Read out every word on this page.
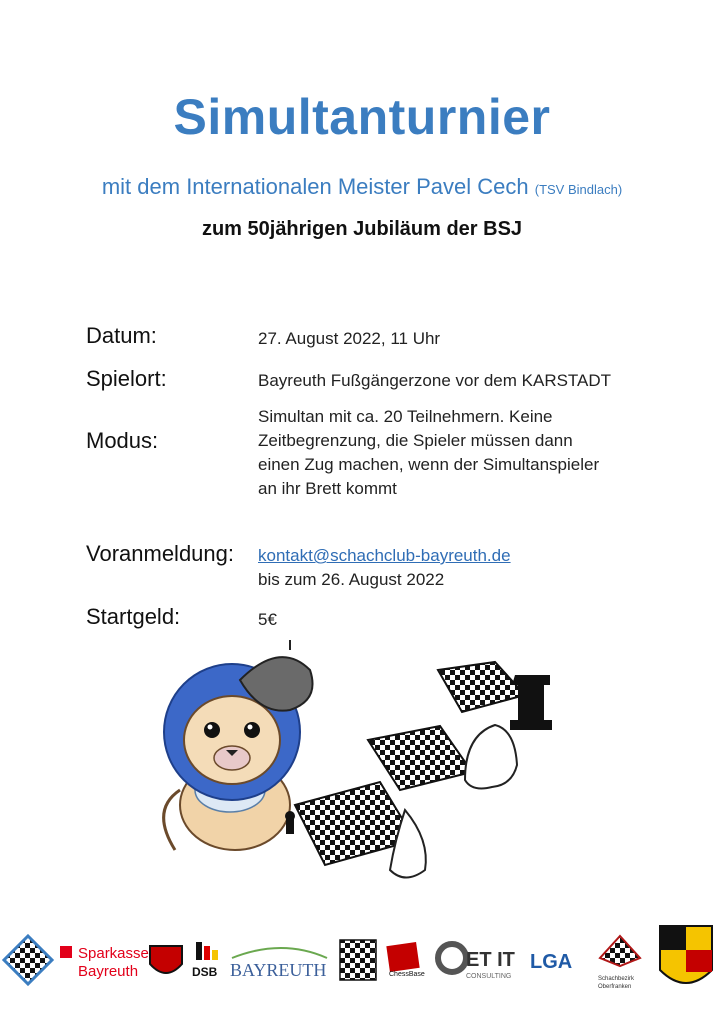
Simultanturnier
mit dem Internationalen Meister Pavel Cech (TSV Bindlach)
zum 50jährigen Jubiläum der BSJ
Datum:	27. August 2022, 11 Uhr
Spielort:	Bayreuth Fußgängerzone vor dem KARSTADT
Modus:
Simultan mit ca. 20 Teilnehmern. Keine
Zeitbegrenzung, die Spieler müssen dann
einen Zug machen, wenn der Simultanspieler
an ihr Brett kommt
Voranmeldung: kontakt@schachclub-bayreuth.de
bis zum 26. August 2022
Startgeld:	5€
Sparkasse
Bayreuth	DSB BAYREUTH	ChessBase
ET IT
CONSULTING
LGA
Schachbezirk
Oberfranken
